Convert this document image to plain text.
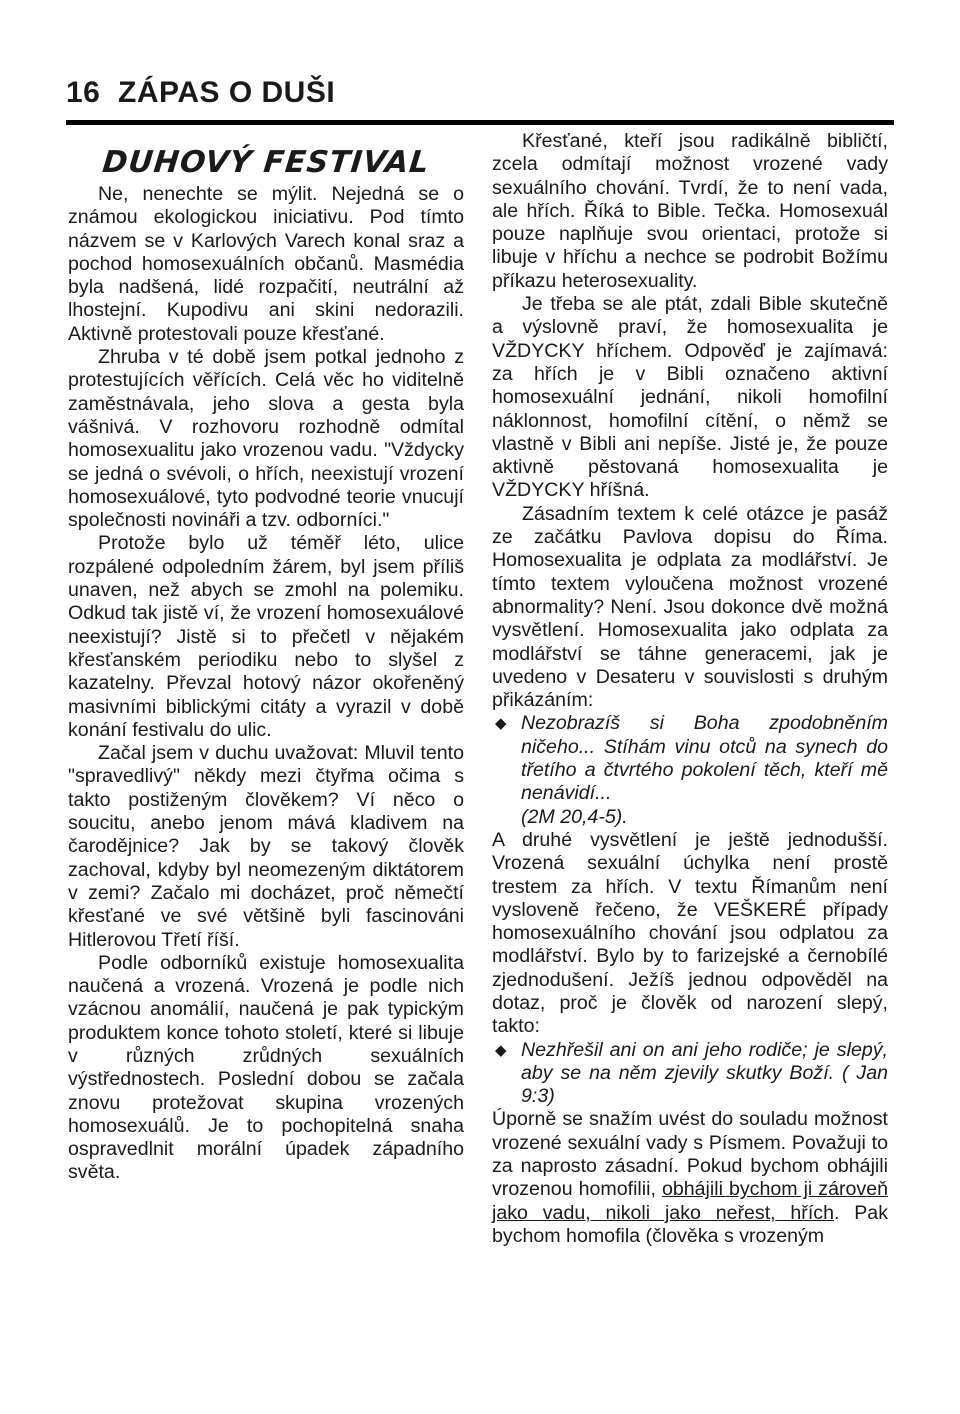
16 ZÁPAS O DUŠI
DUHOVÝ FESTIVAL

Ne, nenechte se mýlit. Nejedná se o známou ekologickou iniciativu. Pod tímto názvem se v Karlových Varech konal sraz a pochod homosexuálních občanů. Masmédia byla nadšená, lidé rozpačití, neutrální až lhostejní. Kupodivu ani skini nedorazili. Aktivně protestovali pouze křesťané.

Zhruba v té době jsem potkal jednoho z protestujících věřících. Celá věc ho viditelně zaměstnávala, jeho slova a gesta byla vášnivá. V rozhovoru rozhodně odmítal homosexualitu jako vrozenou vadu. "Vždycky se jedná o svévoli, o hřích, neexistují vrození homosexuálové, tyto podvodné teorie vnucují společnosti novináři a tzv. odborníci."

Protože bylo už téměř léto, ulice rozpálené odpoledním žárem, byl jsem příliš unaven, než abych se zmohl na polemiku. Odkud tak jistě ví, že vrození homosexuálové neexistují? Jistě si to přečetl v nějakém křesťanském periodiku nebo to slyšel z kazatelny. Převzal hotový názor okořeněný masivními biblickými citáty a vyrazil v době konání festivalu do ulic.

Začal jsem v duchu uvažovat: Mluvil tento "spravedlivý" někdy mezi čtyřma očima s takto postiženým člověkem? Ví něco o soucitu, anebo jenom mává kladivem na čarodějnice? Jak by se takový člověk zachoval, kdyby byl neomezeným diktátorem v zemi? Začalo mi docházet, proč němečtí křesťané ve své většině byli fascinováni Hitlerovou Třetí říší.

Podle odborníků existuje homosexualita naučená a vrozená. Vrozená je podle nich vzácnou anomálií, naučená je pak typickým produktem konce tohoto století, které si libuje v různých zrůdných sexuálních výstřednostech. Poslední dobou se začala znovu protežovat skupina vrozených homosexuálů. Je to pochopitelná snaha ospravedlnit morální úpadek západního světa.

Křesťané, kteří jsou radikálně bibličtí, zcela odmítají možnost vrozené vady sexuálního chování. Tvrdí, že to není vada, ale hřích. Říká to Bible. Tečka. Homosexuál pouze naplňuje svou orientaci, protože si libuje v hříchu a nechce se podrobit Božímu příkazu heterosexuality.

Je třeba se ale ptát, zdali Bible skutečně a výslovně praví, že homosexualita je VŽDYCKY hříchem. Odpověď je zajímavá: za hřích je v Bibli označeno aktivní homosexuální jednání, nikoli homofilní náklonnost, homofilní cítění, o němž se vlastně v Bibli ani nepíše. Jisté je, že pouze aktivně pěstovaná homosexualita je VŽDYCKY hříšná.

Zásadním textem k celé otázce je pasáž ze začátku Pavlova dopisu do Říma. Homosexualita je odplata za modlářství. Je tímto textem vyloučena možnost vrozené abnormality? Není. Jsou dokonce dvě možná vysvětlení. Homosexualita jako odplata za modlářství se táhne generacemi, jak je uvedeno v Desateru v souvislosti s druhým přikázáním:

◆ Nezobrazíš si Boha zpodobněním ničeho... Stíhám vinu otců na synech do třetího a čtvrtého pokolení těch, kteří mě nenávidí...
(2M 20,4-5).

A druhé vysvětlení je ještě jednodušší. Vrozená sexuální úchylka není prostě trestem za hřích. V textu Římanům není vysloveně řečeno, že VEŠKERÉ případy homosexuálního chování jsou odplatou za modlářství. Bylo by to farizejské a černobílé zjednodušení. Ježíš jednou odpověděl na dotaz, proč je člověk od narození slepý, takto:

◆ Nezhřešil ani on ani jeho rodiče; je slepý, aby se na něm zjevily skutky Boží. ( Jan 9:3)

Úporně se snažím uvést do souladu možnost vrozené sexuální vady s Písmem. Považuji to za naprosto zásadní. Pokud bychom obhájili vrozenou homofilii, obhájili bychom ji zároveň jako vadu, nikoli jako neřest, hřích. Pak bychom homofila (člověka s vrozeným
